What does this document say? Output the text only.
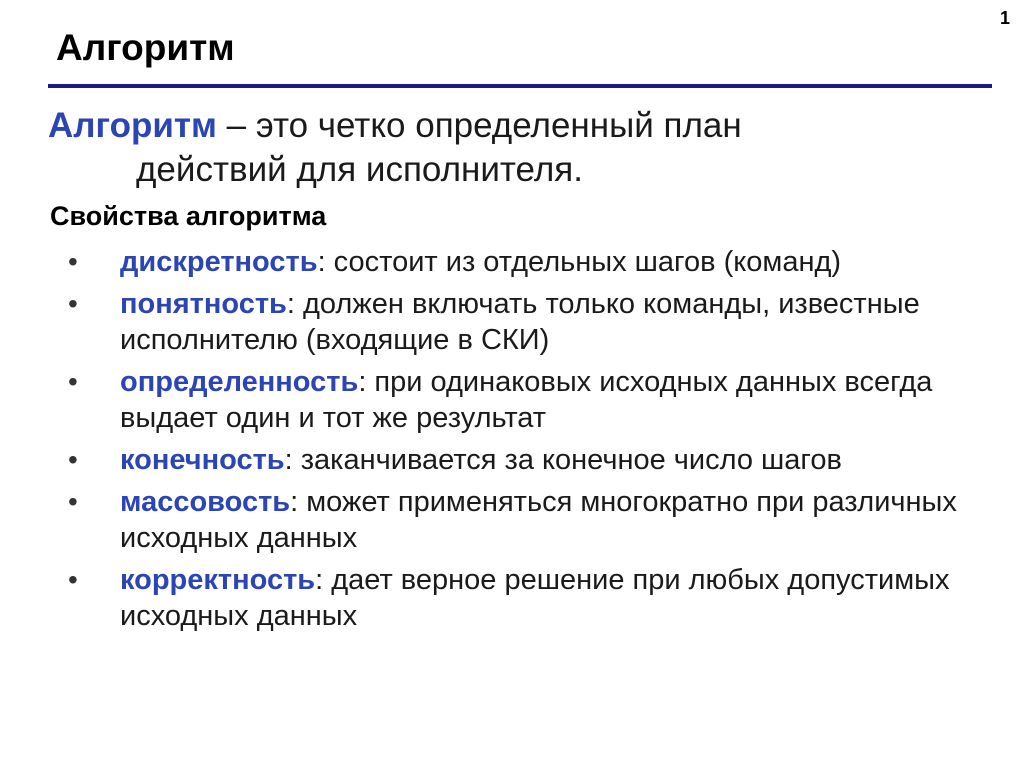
1
Алгоритм
Алгоритм – это четко определенный план
действий для исполнителя.
Свойства алгоритма
• дискретность: состоит из отдельных шагов (команд)
• понятность: должен включать только команды, известные исполнителю (входящие в СКИ)
• определенность: при одинаковых исходных данных всегда выдает один и тот же результат
• конечность: заканчивается за конечное число шагов
• массовость: может применяться многократно при различных исходных данных
• корректность: дает верное решение при любых допустимых исходных данных
